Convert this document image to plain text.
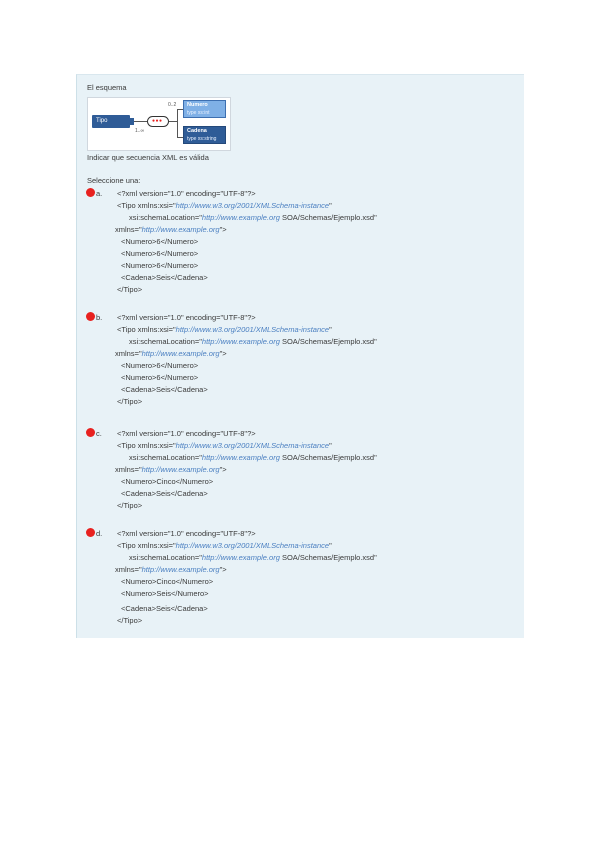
El esquema
Tipo
1..∞
●●●
0..2 Numero
type xs:int
Cadena
type xs:string
Indicar que secuencia XML es válida
Seleccione una:
a. <?xml version="1.0" encoding="UTF-8"?>
<Tipo xmlns:xsi="http://www.w3.org/2001/XMLSchema-instance"
xsi:schemaLocation="http://www.example.org SOA/Schemas/Ejemplo.xsd"
xmlns="http://www.example.org">
<Numero>6</Numero>
<Numero>6</Numero>
<Numero>6</Numero>
<Cadena>Seis</Cadena>
</Tipo>
b. <?xml version="1.0" encoding="UTF-8"?>
<Tipo xmlns:xsi="http://www.w3.org/2001/XMLSchema-instance"
xsi:schemaLocation="http://www.example.org SOA/Schemas/Ejemplo.xsd"
xmlns="http://www.example.org">
<Numero>6</Numero>
<Numero>6</Numero>
<Cadena>Seis</Cadena>
</Tipo>
c. <?xml version="1.0" encoding="UTF-8"?>
<Tipo xmlns:xsi="http://www.w3.org/2001/XMLSchema-instance"
xsi:schemaLocation="http://www.example.org SOA/Schemas/Ejemplo.xsd"
xmlns="http://www.example.org">
<Numero>Cinco</Numero>
<Cadena>Seis</Cadena>
</Tipo>
d. <?xml version="1.0" encoding="UTF-8"?>
<Tipo xmlns:xsi="http://www.w3.org/2001/XMLSchema-instance"
xsi:schemaLocation="http://www.example.org SOA/Schemas/Ejemplo.xsd"
xmlns="http://www.example.org">
<Numero>Cinco</Numero>
<Numero>Seis</Numero>
<Cadena>Seis</Cadena>
</Tipo>
